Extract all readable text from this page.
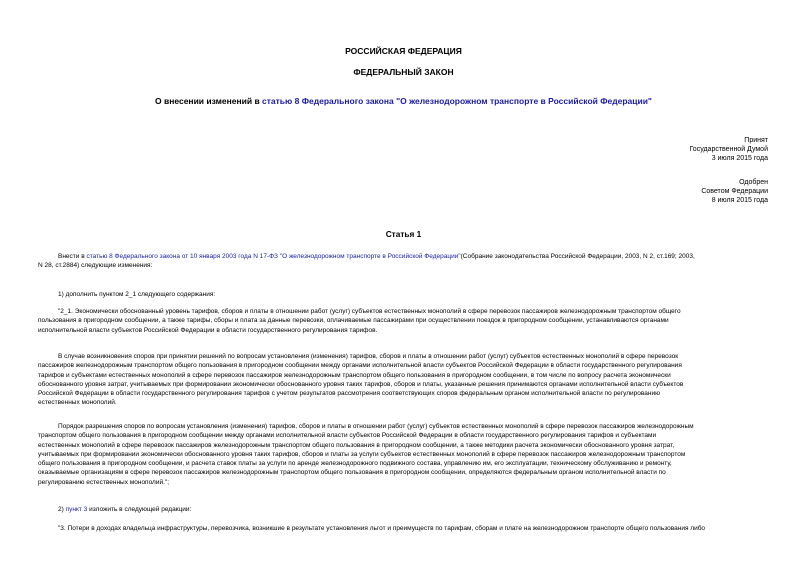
РОССИЙСКАЯ ФЕДЕРАЦИЯ
ФЕДЕРАЛЬНЫЙ ЗАКОН
О внесении изменений в статью 8 Федерального закона "О железнодорожном транспорте в Российской Федерации"
Принят
Государственной Думой
3 июля 2015 года
Одобрен
Советом Федерации
8 июля 2015 года
Статья 1
Внести в статью 8 Федерального закона от 10 января 2003 года N 17-ФЗ "О железнодорожном транспорте в Российской Федерации"(Собрание законодательства Российской Федерации, 2003, N 2, ст.169; 2003,
N 28, ст.2884) следующие изменения:
1) дополнить пунктом 2_1 следующего содержания:
"2_1. Экономически обоснованный уровень тарифов, сборов и платы в отношении работ (услуг) субъектов естественных монополий в сфере перевозок пассажиров железнодорожным транспортом общего
пользования в пригородном сообщении, а также тарифы, сборы и плата за данные перевозки, оплачиваемые пассажирами при осуществлении поездок в пригородном сообщении, устанавливаются органами
исполнительной власти субъектов Российской Федерации в области государственного регулирования тарифов.
В случае возникновения споров при принятии решений по вопросам установления (изменения) тарифов, сборов и платы в отношении работ (услуг) субъектов естественных монополий в сфере перевозок
пассажиров железнодорожным транспортом общего пользования в пригородном сообщении между органами исполнительной власти субъектов Российской Федерации в области государственного регулирования
тарифов и субъектами естественных монополий в сфере перевозок пассажиров железнодорожным транспортом общего пользования в пригородном сообщении, в том числе по вопросу расчета экономически
обоснованного уровня затрат, учитываемых при формировании экономически обоснованного уровня таких тарифов, сборов и платы, указанные решения принимаются органами исполнительной власти субъектов
Российской Федерации в области государственного регулирования тарифов с учетом результатов рассмотрения соответствующих споров федеральным органом исполнительной власти по регулированию
естественных монополий.
Порядок разрешения споров по вопросам установления (изменения) тарифов, сборов и платы в отношении работ (услуг) субъектов естественных монополий в сфере перевозок пассажиров железнодорожным
транспортом общего пользования в пригородном сообщении между органами исполнительной власти субъектов Российской Федерации в области государственного регулирования тарифов и субъектами
естественных монополий в сфере перевозок пассажиров железнодорожным транспортом общего пользования в пригородном сообщении, а также методики расчета экономически обоснованного уровня затрат,
учитываемых при формировании экономически обоснованного уровня таких тарифов, сборов и платы за услуги субъектов естественных монополий в сфере перевозок пассажиров железнодорожным транспортом
общего пользования в пригородном сообщении, и расчета ставок платы за услуги по аренде железнодорожного подвижного состава, управлению им, его эксплуатации, техническому обслуживанию и ремонту,
оказываемые организациям в сфере перевозок пассажиров железнодорожным транспортом общего пользования в пригородном сообщении, определяются федеральным органом исполнительной власти по
регулированию естественных монополий.";
2) пункт 3 изложить в следующей редакции:
"3. Потери в доходах владельца инфраструктуры, перевозчика, возникшие в результате установления льгот и преимуществ по тарифам, сборам и плате на железнодорожном транспорте общего пользования либо
